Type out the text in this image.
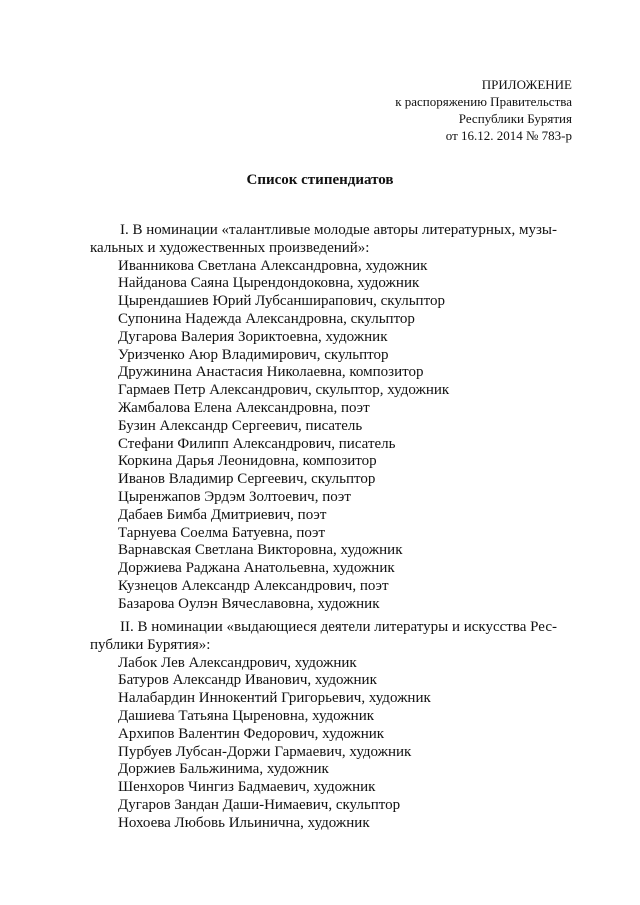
ПРИЛОЖЕНИЕ
к распоряжению Правительства
Республики Бурятия
от 16.12. 2014 № 783-р
Список стипендиатов
I. В номинации «талантливые молодые авторы литературных, музы-
кальных и художественных произведений»:
Иванникова Светлана Александровна, художник
Найданова Саяна Цырендондоковна, художник
Цырендашиев Юрий Лубсанширапович, скульптор
Супонина Надежда Александровна, скульптор
Дугарова Валерия Зориктоевна, художник
Уризченко Аюр Владимирович, скульптор
Дружинина Анастасия Николаевна, композитор
Гармаев Петр Александрович, скульптор, художник
Жамбалова Елена Александровна, поэт
Бузин Александр Сергеевич, писатель
Стефани Филипп Александрович, писатель
Коркина Дарья Леонидовна, композитор
Иванов Владимир Сергеевич, скульптор
Цыренжапов Эрдэм Золтоевич, поэт
Дабаев Бимба Дмитриевич, поэт
Тарнуева Соелма Батуевна, поэт
Варнавская Светлана Викторовна, художник
Доржиева Раджана Анатольевна, художник
Кузнецов Александр Александрович, поэт
Базарова Оулэн Вячеславовна, художник
II. В номинации «выдающиеся деятели литературы и искусства Рес-
публики Бурятия»:
Лабок Лев Александрович, художник
Батуров Александр Иванович, художник
Налабардин Иннокентий Григорьевич, художник
Дашиева Татьяна Цыреновна, художник
Архипов Валентин Федорович, художник
Пурбуев Лубсан-Доржи Гармаевич, художник
Доржиев Бальжинима, художник
Шенхоров Чингиз Бадмаевич, художник
Дугаров Зандан Даши-Нимаевич, скульптор
Нохоева Любовь Ильинична, художник
